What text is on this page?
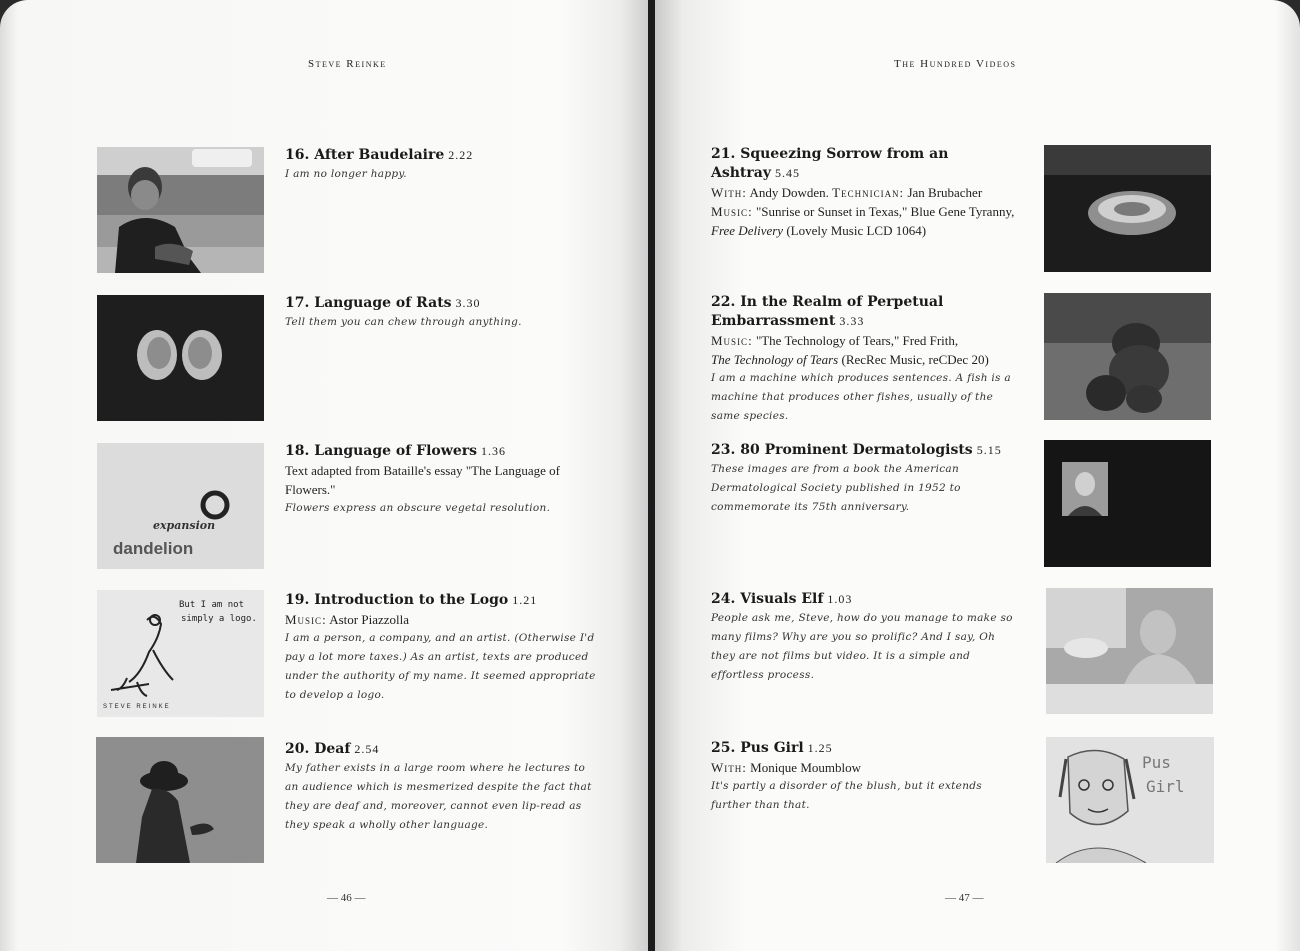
Steve Reinke
16. After Baudelaire 2.22
I am no longer happy.
17. Language of Rats 3.30
Tell them you can chew through anything.
expansion
dandelion
18. Language of Flowers 1.36
Text adapted from Bataille's essay "The Language of Flowers."
Flowers express an obscure vegetal resolution.
But I am not
simply a logo.
STEVE REINKE
19. Introduction to the Logo 1.21
Music: Astor Piazzolla
I am a person, a company, and an artist. (Otherwise I'd pay a lot more taxes.) As an artist, texts are produced under the authority of my name. It seemed appropriate to develop a logo.
20. Deaf 2.54
My father exists in a large room where he lectures to an audience which is mesmerized despite the fact that they are deaf and, moreover, cannot even lip-read as they speak a wholly other language.
— 46 —
The Hundred Videos
21. Squeezing Sorrow from an Ashtray 5.45
With: Andy Dowden. Technician: Jan Brubacher
Music: "Sunrise or Sunset in Texas," Blue Gene Tyranny, Free Delivery (Lovely Music LCD 1064)
22. In the Realm of Perpetual Embarrassment 3.33
Music: "The Technology of Tears," Fred Frith,
The Technology of Tears (RecRec Music, reCDec 20)
I am a machine which produces sentences. A fish is a machine that produces other fishes, usually of the same species.
23. 80 Prominent Dermatologists 5.15
These images are from a book the American Dermatological Society published in 1952 to commemorate its 75th anniversary.
24. Visuals Elf 1.03
People ask me, Steve, how do you manage to make so many films? Why are you so prolific? And I say, Oh they are not films but video. It is a simple and effortless process.
25. Pus Girl 1.25
With: Monique Moumblow
It's partly a disorder of the blush, but it extends further than that.
Pus
Girl
— 47 —
